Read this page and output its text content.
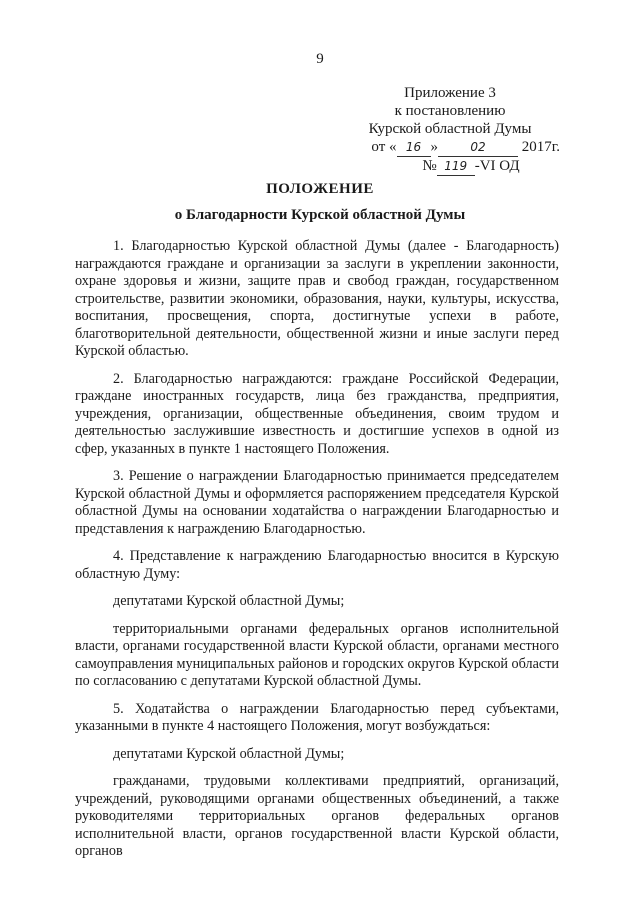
9
Приложение 3
к постановлению
Курской областной Думы
от « 16 »	02 2017г.
№ 119 -VI ОД
ПОЛОЖЕНИЕ
о Благодарности Курской областной Думы

1. Благодарностью Курской областной Думы (далее - Благодарность) награждаются граждане и организации за заслуги в укреплении законности, охране здоровья и жизни, защите прав и свобод граждан, государственном строительстве, развитии экономики, образования, науки, культуры, искусства, воспитания, просвещения, спорта, достигнутые успехи в работе, благотворительной деятельности, общественной жизни и иные заслуги перед Курской областью.

2. Благодарностью награждаются: граждане Российской Федерации, граждане иностранных государств, лица без гражданства, предприятия, учреждения, организации, общественные объединения, своим трудом и деятельностью заслужившие известность и достигшие успехов в одной из сфер, указанных в пункте 1 настоящего Положения.

3. Решение о награждении Благодарностью принимается председателем Курской областной Думы и оформляется распоряжением председателя Курской областной Думы на основании ходатайства о награждении Благодарностью и представления к награждению Благодарностью.

4. Представление к награждению Благодарностью вносится в Курскую областную Думу:

депутатами Курской областной Думы;

территориальными органами федеральных органов исполнительной власти, органами государственной власти Курской области, органами местного самоуправления муниципальных районов и городских округов Курской области по согласованию с депутатами Курской областной Думы.

5. Ходатайства о награждении Благодарностью перед субъектами, указанными в пункте 4 настоящего Положения, могут возбуждаться:

депутатами Курской областной Думы;

гражданами, трудовыми коллективами предприятий, организаций, учреждений, руководящими органами общественных объединений, а также руководителями территориальных органов федеральных органов исполнительной власти, органов государственной власти Курской области, органов
